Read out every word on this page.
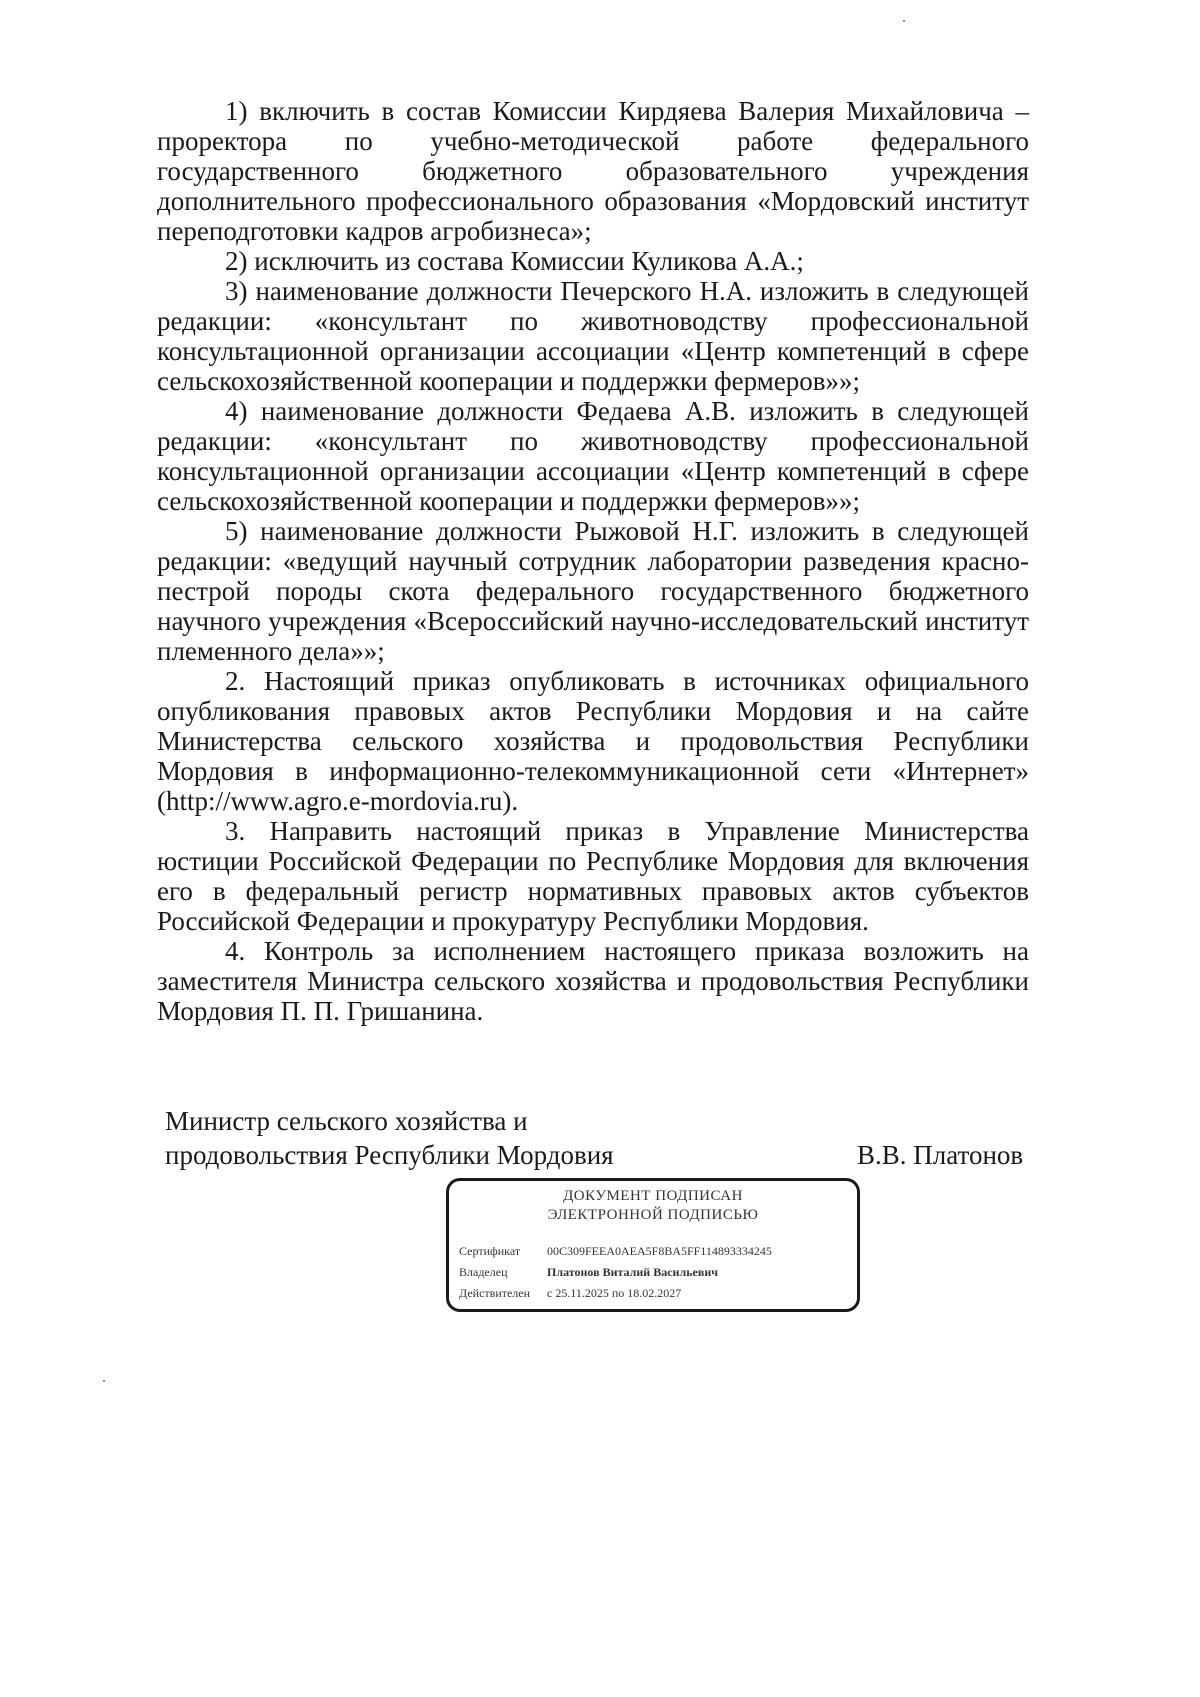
1) включить в состав Комиссии Кирдяева Валерия Михайловича – проректора по учебно-методической работе федерального государственного бюджетного образовательного учреждения дополнительного профессионального образования «Мордовский институт переподготовки кадров агробизнеса»;

2) исключить из состава Комиссии Куликова А.А.;

3) наименование должности Печерского Н.А. изложить в следующей редакции: «консультант по животноводству профессиональной консультационной организации ассоциации «Центр компетенций в сфере сельскохозяйственной кооперации и поддержки фермеров»»;

4) наименование должности Федаева А.В. изложить в следующей редакции: «консультант по животноводству профессиональной консультационной организации ассоциации «Центр компетенций в сфере сельскохозяйственной кооперации и поддержки фермеров»»;

5) наименование должности Рыжовой Н.Г. изложить в следующей редакции: «ведущий научный сотрудник лаборатории разведения красно-пестрой породы скота федерального государственного бюджетного научного учреждения «Всероссийский научно-исследовательский институт племенного дела»»;

2. Настоящий приказ опубликовать в источниках официального опубликования правовых актов Республики Мордовия и на сайте Министерства сельского хозяйства и продовольствия Республики Мордовия в информационно-телекоммуникационной сети «Интернет» (http://www.agro.e-mordovia.ru).

3. Направить настоящий приказ в Управление Министерства юстиции Российской Федерации по Республике Мордовия для включения его в федеральный регистр нормативных правовых актов субъектов Российской Федерации и прокуратуру Республики Мордовия.

4. Контроль за исполнением настоящего приказа возложить на заместителя Министра сельского хозяйства и продовольствия Республики Мордовия П. П. Гришанина.

Министр сельского хозяйства и
продовольствия Республики Мордовия	В.В. Платонов
ДОКУМЕНТ ПОДПИСАН
ЭЛЕКТРОННОЙ ПОДПИСЬЮ
Сертификат 00C309FEEA0AEA5F8BA5FF114893334245
Владелец	Платонов Виталий Васильевич
Действителен с 25.11.2025 по 18.02.2027
